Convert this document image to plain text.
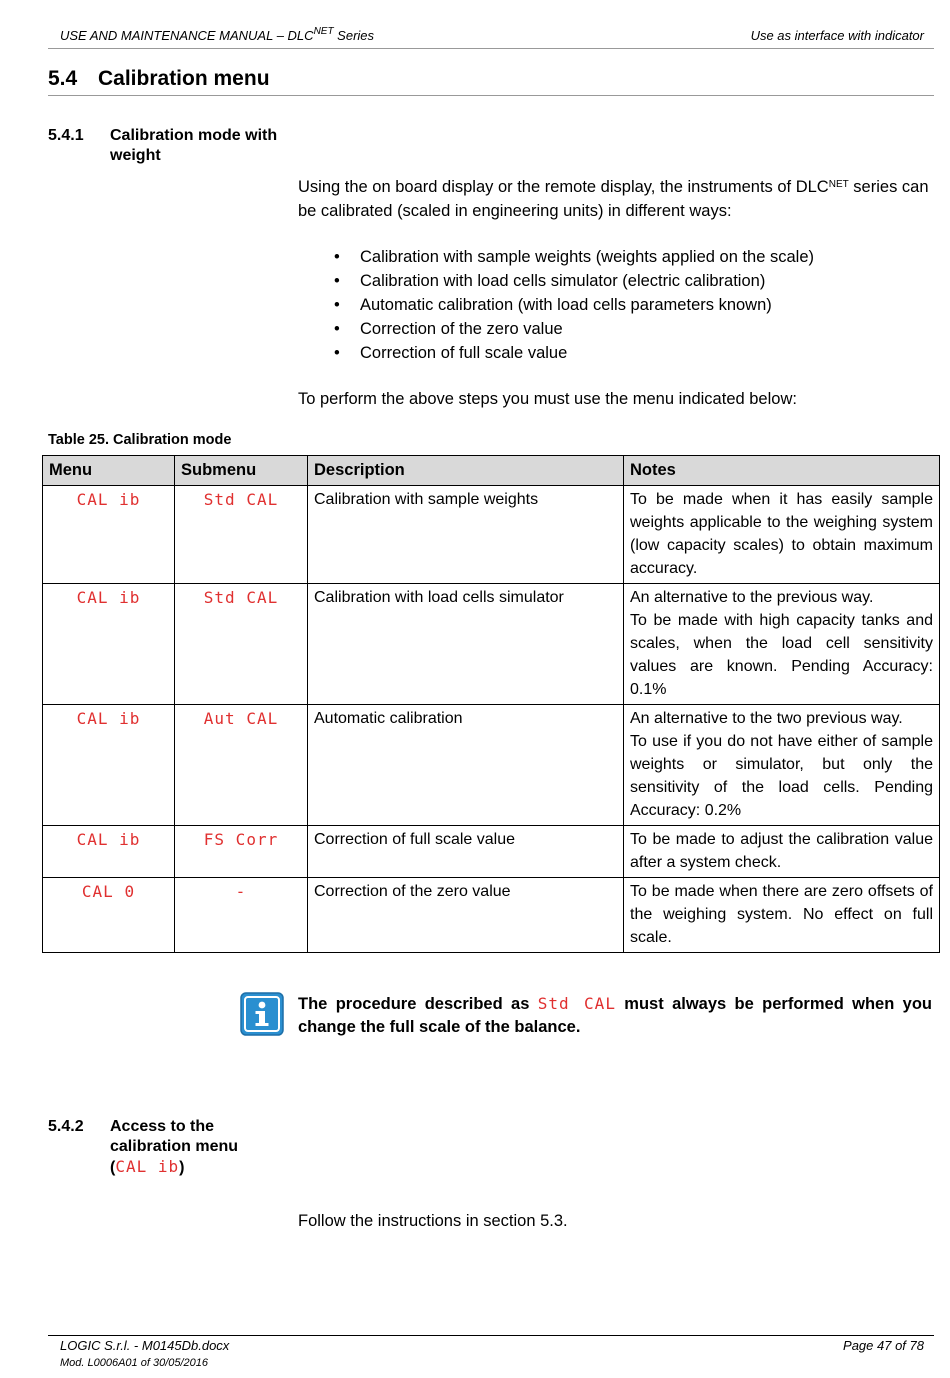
USE AND MAINTENANCE MANUAL – $DLC^{NET}$ Series	Use as interface with indicator
5.4 Calibration menu
5.4.1 Calibration mode with weight
Using the on board display or the remote display, the instruments of $DLC^{NET}$ series can be calibrated (scaled in engineering units) in different ways:
• Calibration with sample weights (weights applied on the scale)
• Calibration with load cells simulator (electric calibration)
• Automatic calibration (with load cells parameters known)
• Correction of the zero value
• Correction of full scale value
To perform the above steps you must use the menu indicated below:
Table 25. Calibration mode
Menu	Submenu	Description	Notes
CAL ib	Std CAL	Calibration with sample weights	To be made when it has easily sample weights applicable to the weighing system (low capacity scales) to obtain maximum accuracy.

CAL ib	Std CAL	Calibration with load cells simulator	An alternative to the previous way.
To be made with high capacity tanks and scales, when the load cell sensitivity values are known. Pending Accuracy: 0.1%

CAL ib	Aut CAL	Automatic calibration	An alternative to the two previous way.
To use if you do not have either of sample weights or simulator, but only the sensitivity of the load cells. Pending Accuracy: 0.2%

CAL ib	FS Corr	Correction of full scale value	To be made to adjust the calibration value after a system check.

CAL 0	-	Correction of the zero value	To be made when there are zero offsets of the weighing system. No effect on full scale.
The procedure described as Std CAL must always be performed when you change the full scale of the balance.
5.4.2 Access to the
calibration menu
(CAL ib)
Follow the instructions in section 5.3.
LOGIC S.r.l. - M0145Db.docx	Page 47 of 78
Mod. L0006A01 of 30/05/2016
